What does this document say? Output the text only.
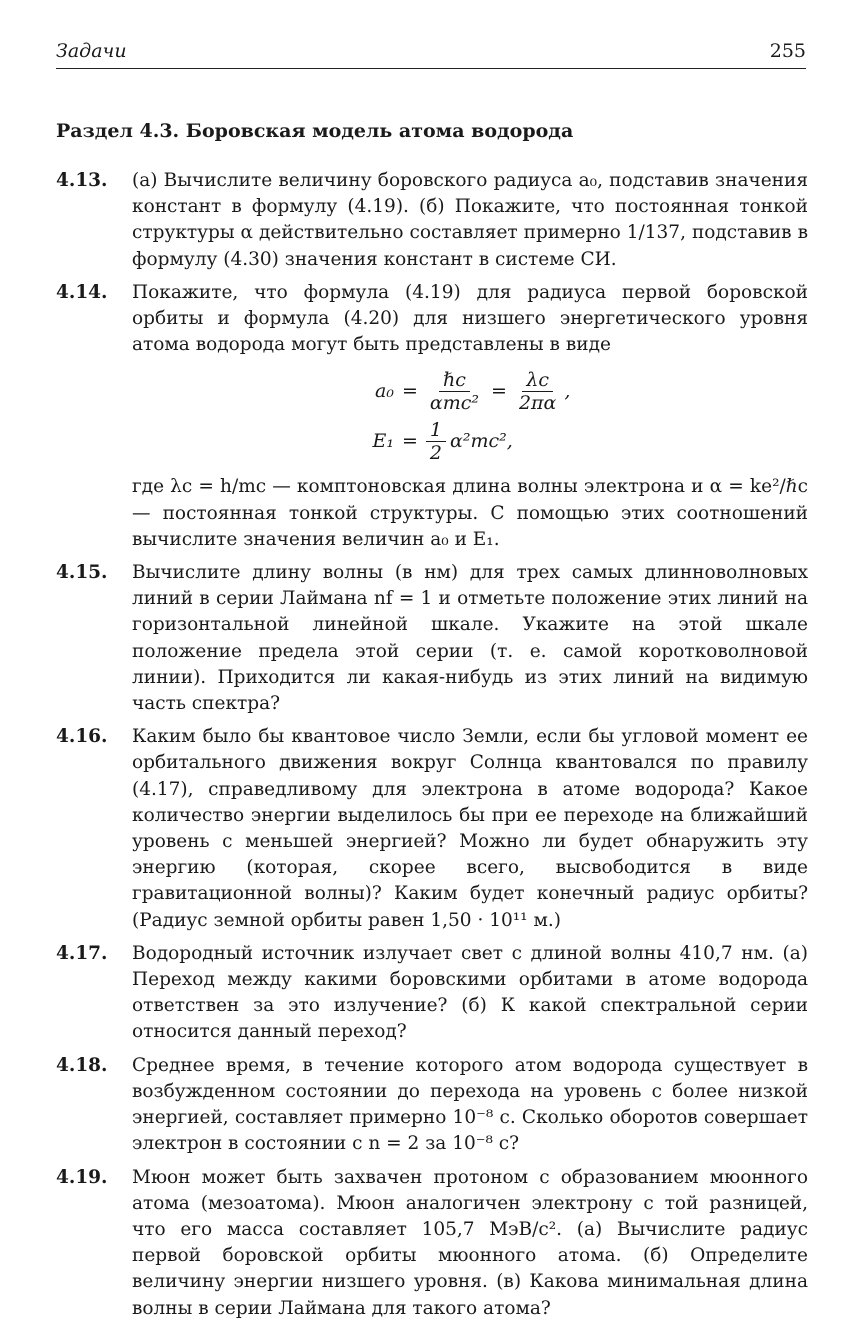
Задачи	255
Раздел 4.3. Боровская модель атома водорода
4.13. (а) Вычислите величину боровского радиуса a₀, подставив значения констант в формулу (4.19). (б) Покажите, что постоянная тонкой структуры α действительно составляет примерно 1/137, подставив в формулу (4.30) значения констант в системе СИ.
4.14. Покажите, что формула (4.19) для радиуса первой боровской орбиты и формула (4.20) для низшего энергетического уровня атома водорода могут быть представлены в виде
$a_0 = \frac{\text{ℏc}}{\text{αmc²}} = \frac{\lambda c}{2\pi\alpha}$ ,
$E_1 = \frac{1}{2} \alpha^2mc^2$,
где λc = h/mc — комптоновская длина волны электрона и α = ke²/ℏc — постоянная тонкой структуры. С помощью этих соотношений вычислите значения величин a₀ и E₁.
4.15. Вычислите длину волны (в нм) для трех самых длинноволновых линий в серии Лаймана nf = 1 и отметьте положение этих линий на горизонтальной линейной шкале. Укажите на этой шкале положение предела этой серии (т. е. самой коротковолновой линии). Приходится ли какая-нибудь из этих линий на видимую часть спектра?
4.16. Каким было бы квантовое число Земли, если бы угловой момент ее орбитального движения вокруг Солнца квантовался по правилу (4.17), справедливому для электрона в атоме водорода? Какое количество энергии выделилось бы при ее переходе на ближайший уровень с меньшей энергией? Можно ли будет обнаружить эту энергию (которая, скорее всего, высвободится в виде гравитационной волны)? Каким будет конечный радиус орбиты? (Радиус земной орбиты равен 1,50 · 10¹¹ м.)
4.17. Водородный источник излучает свет с длиной волны 410,7 нм. (а) Переход между какими боровскими орбитами в атоме водорода ответствен за это излучение? (б) К какой спектральной серии относится данный переход?
4.18. Среднее время, в течение которого атом водорода существует в возбужденном состоянии до перехода на уровень с более низкой энергией, составляет примерно 10⁻⁸ с. Сколько оборотов совершает электрон в состоянии с n = 2 за 10⁻⁸ с?
4.19. Мюон может быть захвачен протоном с образованием мюонного атома (мезоатома). Мюон аналогичен электрону с той разницей, что его масса составляет 105,7 МэВ/c². (а) Вычислите радиус первой боровской орбиты мюонного атома. (б) Определите величину энергии низшего уровня. (в) Какова минимальная длина волны в серии Лаймана для такого атома?
